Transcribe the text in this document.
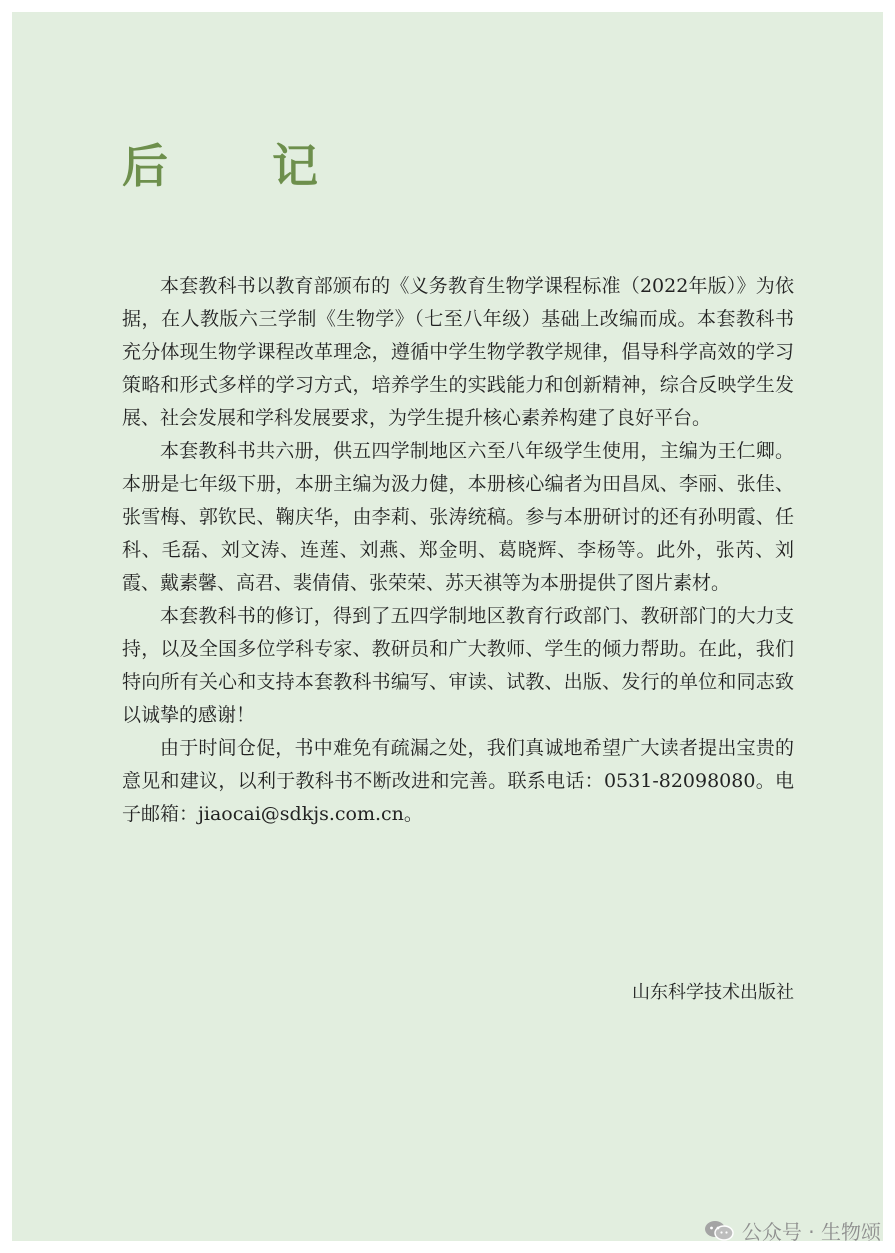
后 记

本套教科书以教育部颁布的《义务教育生物学课程标准（2022年版）》为依据，在人教版六三学制《生物学》（七至八年级）基础上改编而成。本套教科书充分体现生物学课程改革理念，遵循中学生物学教学规律，倡导科学高效的学习策略和形式多样的学习方式，培养学生的实践能力和创新精神，综合反映学生发展、社会发展和学科发展要求，为学生提升核心素养构建了良好平台。

本套教科书共六册，供五四学制地区六至八年级学生使用，主编为王仁卿。本册是七年级下册，本册主编为汲力健，本册核心编者为田昌凤、李丽、张佳、张雪梅、郭钦民、鞠庆华，由李莉、张涛统稿。参与本册研讨的还有孙明霞、任科、毛磊、刘文涛、连莲、刘燕、郑金明、葛晓辉、李杨等。此外，张芮、刘霞、戴素馨、高君、裴倩倩、张荣荣、苏天祺等为本册提供了图片素材。

本套教科书的修订，得到了五四学制地区教育行政部门、教研部门的大力支持，以及全国多位学科专家、教研员和广大教师、学生的倾力帮助。在此，我们特向所有关心和支持本套教科书编写、审读、试教、出版、发行的单位和同志致以诚挚的感谢！

由于时间仓促，书中难免有疏漏之处，我们真诚地希望广大读者提出宝贵的意见和建议，以利于教科书不断改进和完善。联系电话：0531-82098080。电子邮箱：jiaocai@sdkjs.com.cn。

山东科学技术出版社
公众号 · 生物颂
